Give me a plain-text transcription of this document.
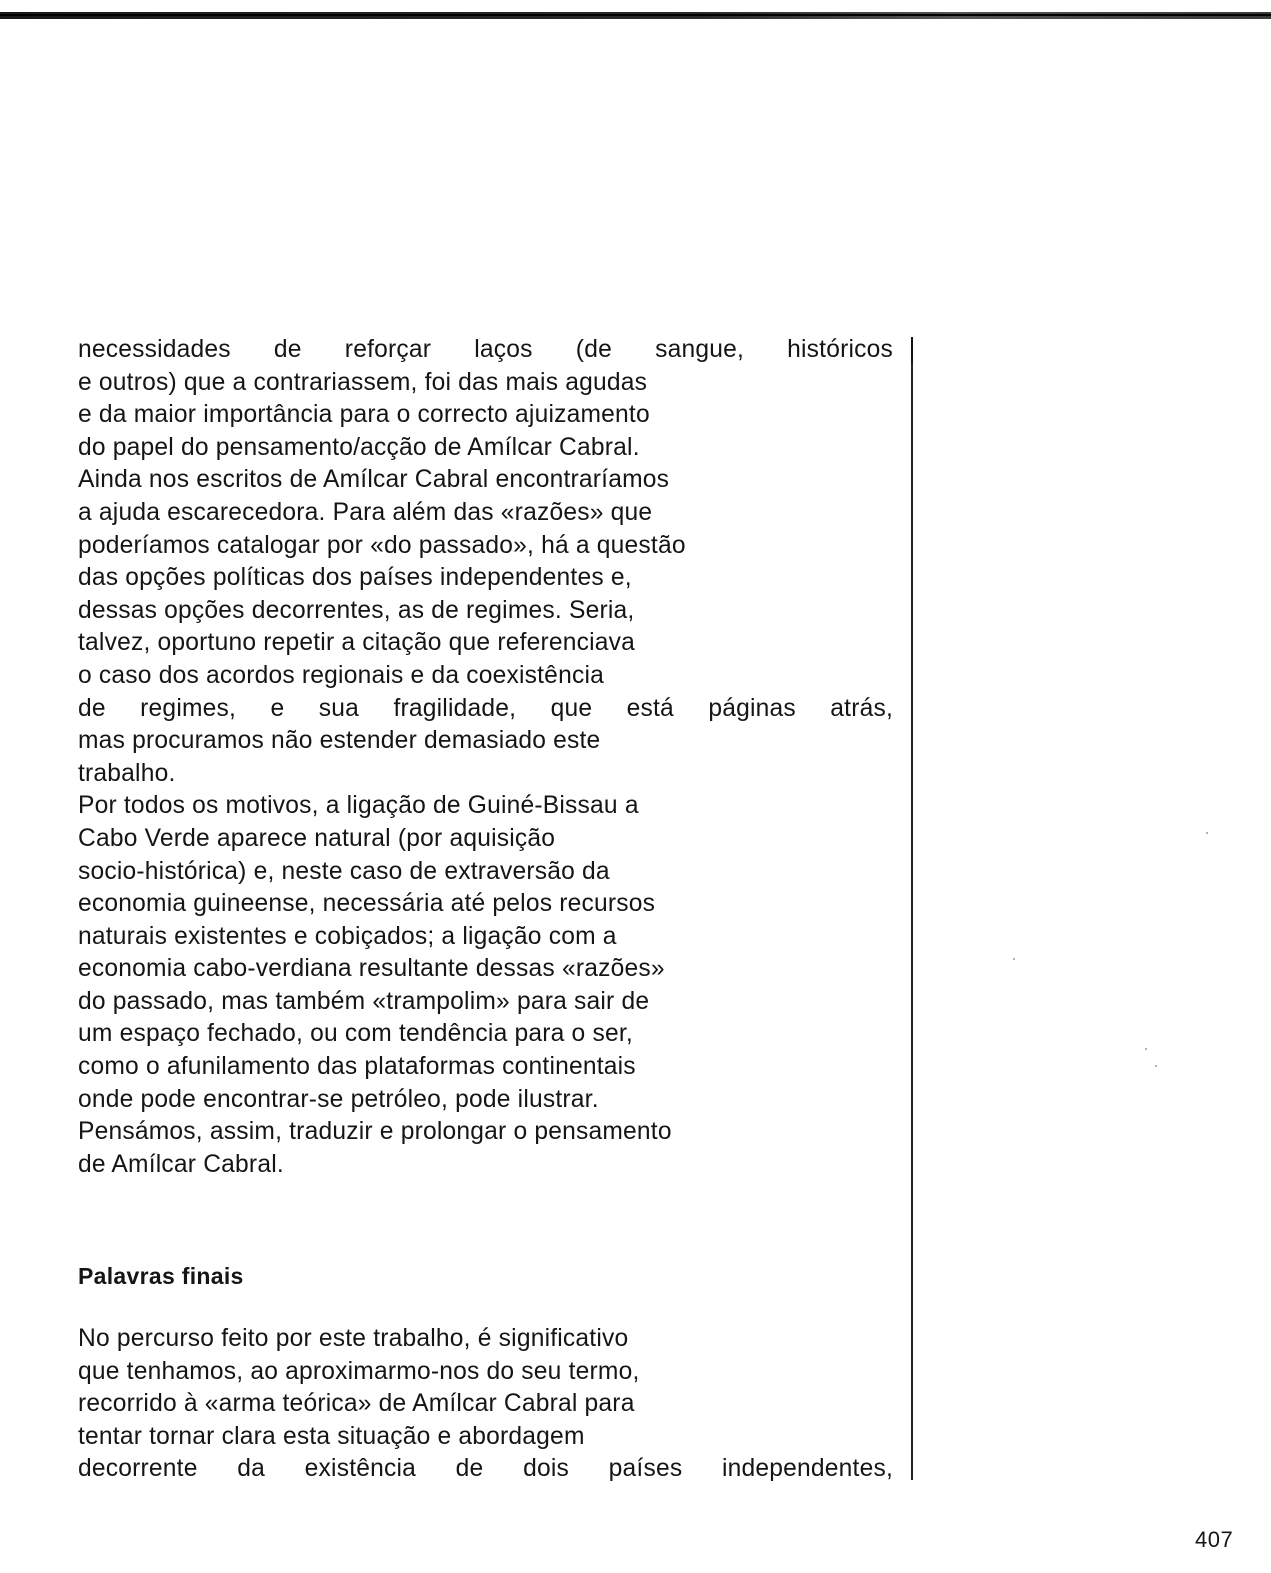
necessidades de reforçar laços (de sangue, históricos
e outros) que a contrariassem, foi das mais agudas
e da maior importância para o correcto ajuizamento
do papel do pensamento/acção de Amílcar Cabral.
Ainda nos escritos de Amílcar Cabral encontraríamos
a ajuda escarecedora. Para além das «razões» que
poderíamos catalogar por «do passado», há a questão
das opções políticas dos países independentes e,
dessas opções decorrentes, as de regimes. Seria,
talvez, oportuno repetir a citação que referenciava
o caso dos acordos regionais e da coexistência
de regimes, e sua fragilidade, que está páginas atrás,
mas procuramos não estender demasiado este
trabalho.
Por todos os motivos, a ligação de Guiné-Bissau a
Cabo Verde aparece natural (por aquisição
socio-histórica) e, neste caso de extraversão da
economia guineense, necessária até pelos recursos
naturais existentes e cobiçados; a ligação com a
economia cabo-verdiana resultante dessas «razões»
do passado, mas também «trampolim» para sair de
um espaço fechado, ou com tendência para o ser,
como o afunilamento das plataformas continentais
onde pode encontrar-se petróleo, pode ilustrar.
Pensámos, assim, traduzir e prolongar o pensamento
de Amílcar Cabral.
Palavras finais
No percurso feito por este trabalho, é significativo
que tenhamos, ao aproximarmo-nos do seu termo,
recorrido à «arma teórica» de Amílcar Cabral para
tentar tornar clara esta situação e abordagem
decorrente da existência de dois países independentes,
407
